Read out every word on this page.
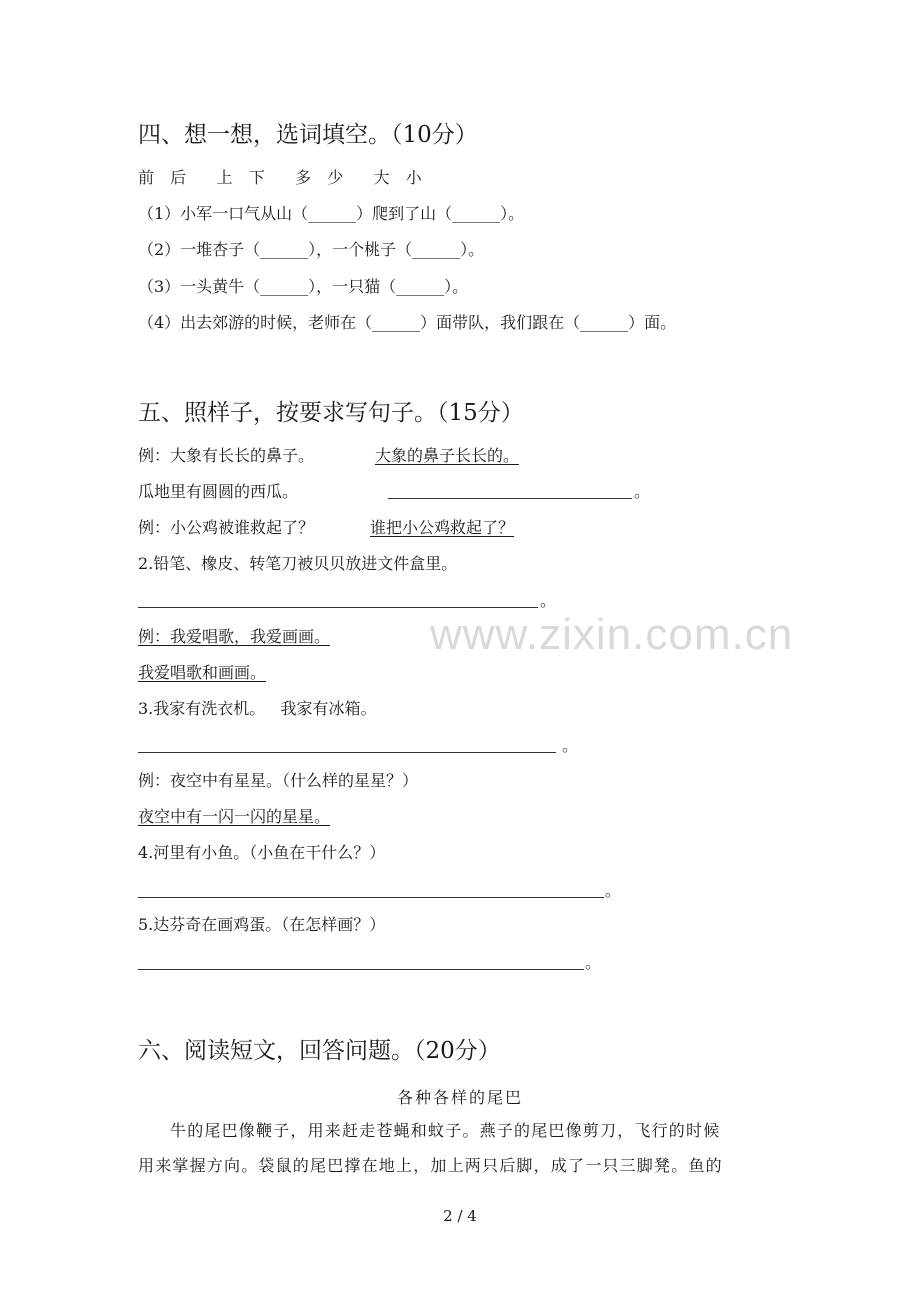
四、想一想，选词填空。（10分）
前  后    上  下    多  少    大  小
（1）小军一口气从山（______）爬到了山（______）。
（2）一堆杏子（______），一个桃子（______）。
（3）一头黄牛（______），一只猫（______）。
（4）出去郊游的时候，老师在（______）面带队，我们跟在（______）面。
五、照样子，按要求写句子。（15分）
例：大象有长长的鼻子。	大象的鼻子长长的。
瓜地里有圆圆的西瓜。	。
例：小公鸡被谁救起了？	谁把小公鸡救起了？
2.铅笔、橡皮、转笔刀被贝贝放进文件盒里。
。
例：我爱唱歌，我爱画画。
我爱唱歌和画画。
3.我家有洗衣机。   我家有冰箱。
。
例：夜空中有星星。（什么样的星星？）
夜空中有一闪一闪的星星。
4.河里有小鱼。（小鱼在干什么？）
。
5.达芬奇在画鸡蛋。（在怎样画？）
。
六、阅读短文，回答问题。（20分）
各种各样的尾巴
牛的尾巴像鞭子，用来赶走苍蝇和蚊子。燕子的尾巴像剪刀，飞行的时候
用来掌握方向。袋鼠的尾巴撑在地上，加上两只后脚，成了一只三脚凳。鱼的
www.zixin.com.cn
2 / 4
